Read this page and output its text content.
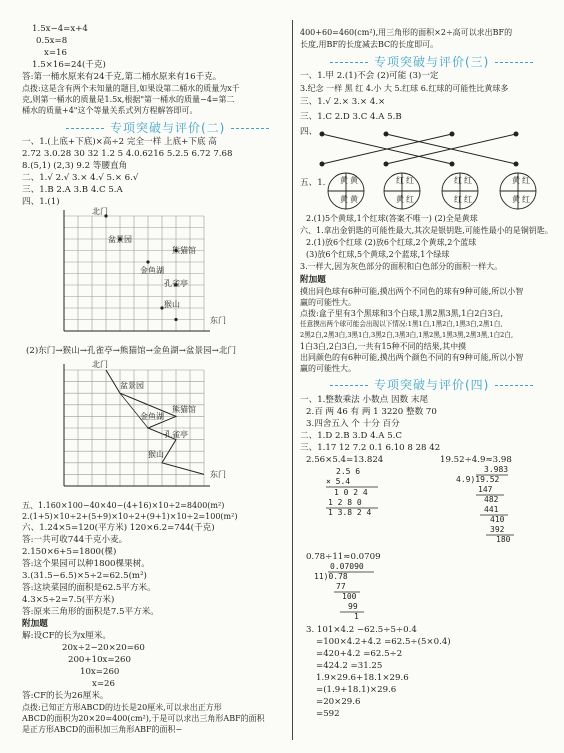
1.5x−4=x+4
0.5x=8
x=16
1.5×16=24(千克)
答:第一桶水原来有24千克,第二桶水原来有16千克。
点拨:这是含有两个未知量的题目,如果设第二桶水的质量为x千
克,则第一桶水的质量是1.5x,根据"第一桶水的质量−4=第二
桶水的质量+4"这个等量关系式列方程解答即可。
专项突破与评价(二)
一、1.(上底+下底)×高÷2 完全一样 上底+下底 高
2.72 3.0.28 30 32 1.2 5 4.0.6216 5.2.5 6.72 7.68
8.(5,1) (2,3) 9.2 等腰直角
二、1.√ 2.√ 3.× 4.√ 5.× 6.√
三、1.B 2.A 3.B 4.C 5.A
四、1.(1)
北门
盆景园
熊猫馆
金鱼湖
孔雀亭
猴山
东门
(2)东门→猴山→孔雀亭→熊猫馆→金鱼湖→盆景园→北门
北门
盆景园
熊猫馆
金鱼湖
孔雀亭
猴山
东门
五、1.160×100−40×40−(4+16)×10÷2=8400(m²)
2.(1+5)×10÷2+(5+9)×10÷2+(9+1)×10÷2=100(m²)
六、1.24×5=120(平方米) 120×6.2=744(千克)
答:一共可收744千克小麦。
2.150×6+5=1800(棵)
答:这个果园可以种1800棵果树。
3.(31.5−6.5)×5÷2=62.5(m²)
答:这块菜园的面积是62.5平方米。
4.3×5÷2=7.5(平方米)
答:原来三角形的面积是7.5平方米。
附加题
解:设CF的长为x厘米。
20x÷2−20×20=60
200+10x=260
10x=260
x=26
答:CF的长为26厘米。
点拨:已知正方形ABCD的边长是20厘米,可以求出正方形
ABCD的面积为20×20=400(cm²),于是可以求出三角形ABF的面积
是正方形ABCD的面积加三角形ABF的面积−
400+60=460(cm²),用三角形的面积×2÷高可以求出BF的
长度,用BF的长度减去BC的长度即可。
专项突破与评价(三)
一、1.甲 2.(1)不会 (2)可能 (3)一定
3.纪念 一样 黑 红 4.小 大 5.红球 6.红球的可能性比黄球多
三、1.√ 2.× 3.× 4.×
三、1.C 2.D 3.C 4.A 5.B
四、
五、1. 黄 黄
黄 黄
红 红
黄 红
红 红
红 红
黄 红
黄 红
2.(1)5个黄球,1个红球(答案不唯一) (2)全是黄球
六、1.拿出金钥匙的可能性最大,其次是银钥匙,可能性最小的是铜钥匙。
2.(1)放6个红球 (2)放6个红球,2个黄球,2个蓝球
(3)放6个红球,5个黄球,2个蓝球,1个绿球
3.一样大,因为灰色部分的面积和白色部分的面积一样大。
附加题
摸出同色球有6种可能,摸出两个不同色的球有9种可能,所以小智
赢的可能性大。
点拨:盒子里有3个黑球和3个白球,1黑2黑3黑,1白2白3白,
任意摸出两个球可能会出现以下情况:1黑1白,1黑2白,1黑3白,2黑1白,
2黑2白,2黑3白,3黑1白,3黑2白,3黑3白,1黑2黑,1黑3黑,2黑3黑,1白2白,
1白3白,2白3白,一共有15种不同的结果,其中摸
出同颜色的有6种可能,摸出两个颜色不同的有9种可能,所以小智
赢的可能性大。
专项突破与评价(四)
一、1.整数乘法 小数点 因数 末尾
2.百 两 46 有 两 1 3220 整数 70
3.四舍五入 个 十分 百分
二、1.D 2.B 3.D 4.A 5.C
三、1.17 12 7.2 0.1 6.10 8 28 42
2.56×5.4=13.824	19.52÷4.9≈3.98
2.5 6
× 5.4
1 0 2 4
1 2 8 0
1 3.8 2 4
3.983
4.9)19.52
147
482
441
410
392
180
0.78÷11≈0.0709
0.07090
11)0.78
77
100
99
1
3. 101×4.2 −62.5÷5÷0.4
=100×4.2+4.2 =62.5÷(5×0.4)
=420+4.2 =62.5÷2
=424.2 =31.25
1.9×29.6+18.1×29.6
=(1.9+18.1)×29.6
=20×29.6
=592
